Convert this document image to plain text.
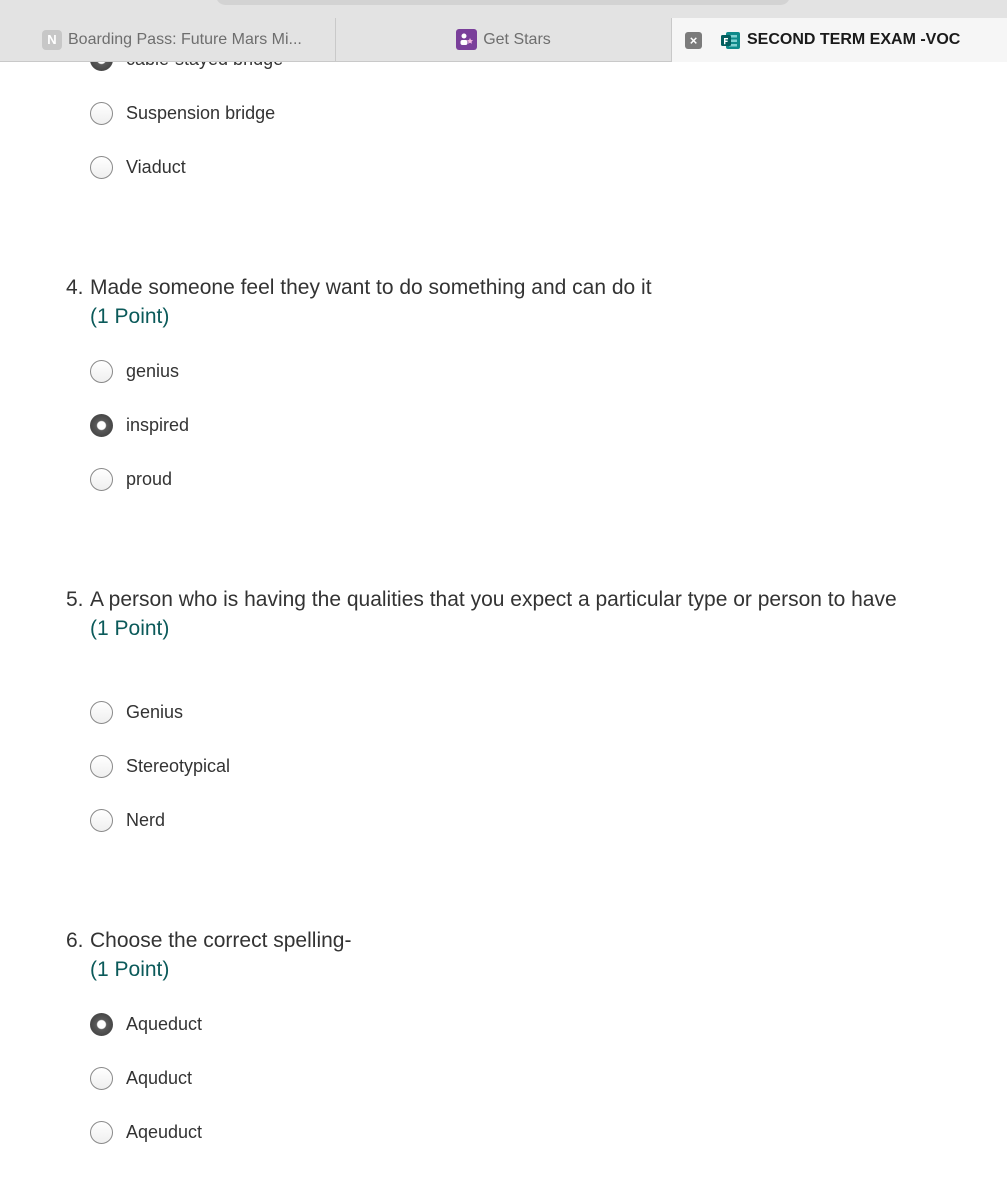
Suspension bridge
Viaduct
4. Made someone feel they want to do something and can do it
(1 Point)
genius
inspired
proud
5. A person who is having the qualities that you expect a particular type or person to have
(1 Point)
Genius
Stereotypical
Nerd
6. Choose the correct spelling-
(1 Point)
Aqueduct
Aquduct
Aqeuduct
N Boarding Pass: Future Mars Mi...	Get Stars	×	SECOND TERM EXAM -VOC
